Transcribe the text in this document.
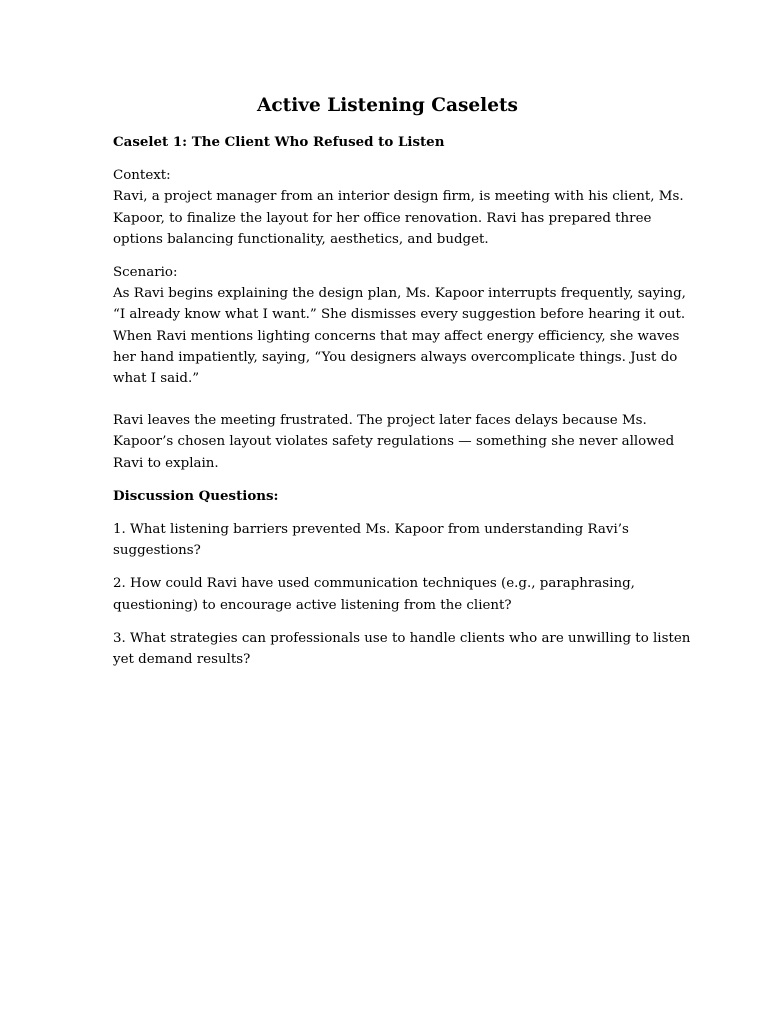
Active Listening Caselets

Caselet 1: The Client Who Refused to Listen

Context:
Ravi, a project manager from an interior design firm, is meeting with his client, Ms.
Kapoor, to finalize the layout for her office renovation. Ravi has prepared three
options balancing functionality, aesthetics, and budget.
Scenario:
As Ravi begins explaining the design plan, Ms. Kapoor interrupts frequently, saying,
“I already know what I want.” She dismisses every suggestion before hearing it out.
When Ravi mentions lighting concerns that may affect energy efficiency, she waves
her hand impatiently, saying, “You designers always overcomplicate things. Just do
what I said.”
Ravi leaves the meeting frustrated. The project later faces delays because Ms.
Kapoor’s chosen layout violates safety regulations — something she never allowed
Ravi to explain.

Discussion Questions:

1. What listening barriers prevented Ms. Kapoor from understanding Ravi’s
suggestions?
2. How could Ravi have used communication techniques (e.g., paraphrasing,
questioning) to encourage active listening from the client?
3. What strategies can professionals use to handle clients who are unwilling to listen
yet demand results?
